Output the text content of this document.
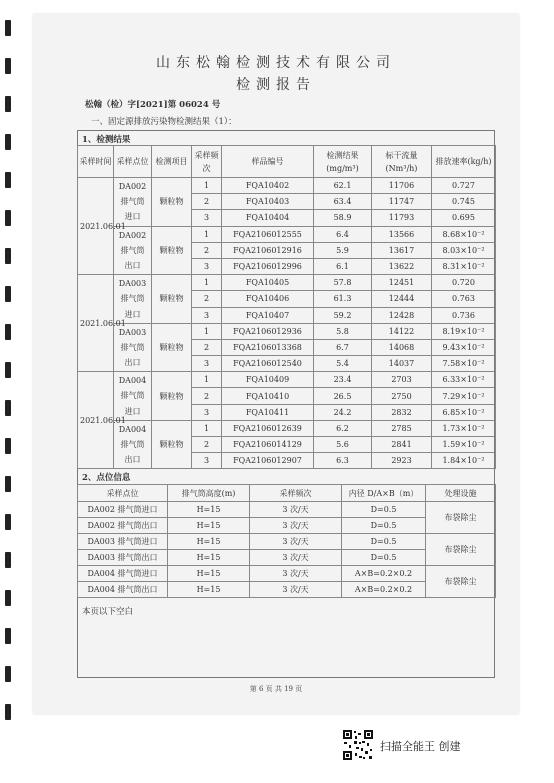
山东松翰检测技术有限公司
检测报告
松翰（检）字[2021]第 06024 号
一、固定源排放污染物检测结果（1）：
1、检测结果
采样时间	采样点位	检测项目	采样频次	样品编号	检测结果(mg/m³)	标干流量(Nm³/h)	排放速率(kg/h)
2021.06.01	DA002 排气筒进口	颗粒物	1	FQA10402	62.1	11706	0.727
			2	FQA10403	63.4	11747	0.745
			3	FQA10404	58.9	11793	0.695
	DA002 排气筒出口	颗粒物	1	FQA2106012555	6.4	13566	8.68×10⁻²
			2	FQA2106012916	5.9	13617	8.03×10⁻²
			3	FQA2106012996	6.1	13622	8.31×10⁻²
2021.06.01	DA003 排气筒进口	颗粒物	1	FQA10405	57.8	12451	0.720
			2	FQA10406	61.3	12444	0.763
			3	FQA10407	59.2	12428	0.736
	DA003 排气筒出口	颗粒物	1	FQA2106012936	5.8	14122	8.19×10⁻²
			2	FQA2106013368	6.7	14068	9.43×10⁻²
			3	FQA2106012540	5.4	14037	7.58×10⁻²
2021.06.01	DA004 排气筒进口	颗粒物	1	FQA10409	23.4	2703	6.33×10⁻²
			2	FQA10410	26.5	2750	7.29×10⁻²
			3	FQA10411	24.2	2832	6.85×10⁻²
	DA004 排气筒出口	颗粒物	1	FQA2106012639	6.2	2785	1.73×10⁻²
			2	FQA2106014129	5.6	2841	1.59×10⁻²
			3	FQA2106012907	6.3	2923	1.84×10⁻²
2、点位信息
采样点位	排气筒高度(m)	采样频次	内径 D/A×B（m）	处理设施
DA002 排气筒进口	H=15	3 次/天	D=0.5	布袋除尘
DA002 排气筒出口	H=15	3 次/天	D=0.5	
DA003 排气筒进口	H=15	3 次/天	D=0.5	布袋除尘
DA003 排气筒出口	H=15	3 次/天	D=0.5	
DA004 排气筒进口	H=15	3 次/天	A×B=0.2×0.2	布袋除尘
DA004 排气筒出口	H=15	3 次/天	A×B=0.2×0.2	
本页以下空白
第 6 页 共 19 页
扫描全能王 创建
